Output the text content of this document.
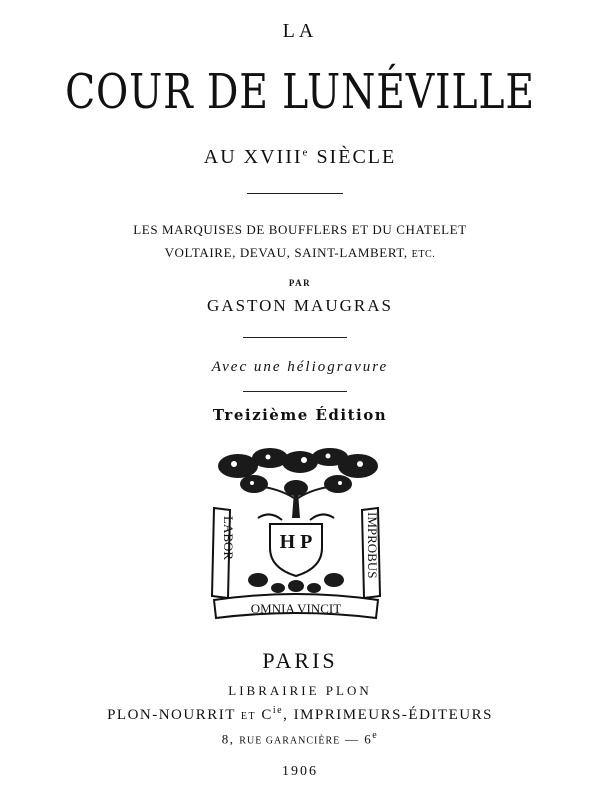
LA
COUR DE LUNÉVILLE
AU XVIIIe SIÈCLE
LES MARQUISES DE BOUFFLERS ET DU CHATELET
VOLTAIRE, DEVAU, SAINT-LAMBERT, ETC.
PAR
GASTON MAUGRAS
Avec une héliogravure
Treizième Édition
LABOR	IMPROBUS
H P
OMNIA VINCIT
PARIS
LIBRAIRIE PLON
PLON-NOURRIT ET $C^{ie}$, IMPRIMEURS-ÉDITEURS
8, RUE GARANCIÈRE — 6e
1906
